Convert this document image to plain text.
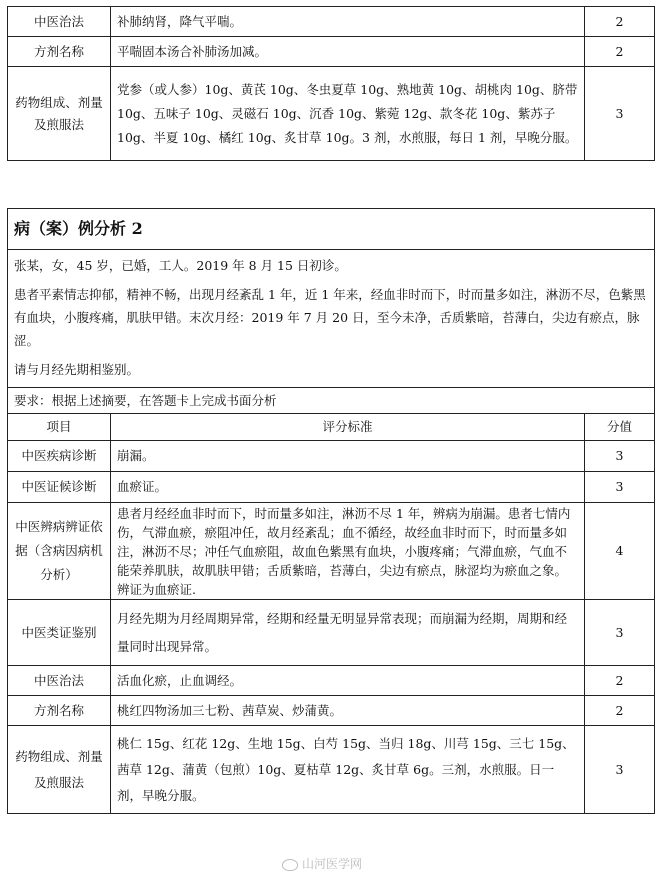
中医治法	补肺纳肾，降气平喘。	2
方剂名称	平喘固本汤合补肺汤加减。	2
药物组成、剂量及煎服法	党参（或人参）10g、黄芪 10g、冬虫夏草 10g、熟地黄 10g、胡桃肉 10g、脐带 10g、五味子 10g、灵磁石 10g、沉香 10g、紫菀 12g、款冬花 10g、紫苏子 10g、半夏 10g、橘红 10g、炙甘草 10g。3 剂，水煎服，每日 1 剂，早晚分服。	3
病（案）例分析 2		

张某，女，45 岁，已婚，工人。2019 年 8 月 15 日初诊。

患者平素情志抑郁，精神不畅，出现月经紊乱 1 年，近 1 年来，经血非时而下，时而量多如注，淋沥不尽，色紫黑有血块，小腹疼痛，肌肤甲错。末次月经：2019 年 7 月 20 日，至今未净，舌质紫暗，苔薄白，尖边有瘀点，脉涩。

请与月经先期相鉴别。		

要求：根据上述摘要，在答题卡上完成书面分析		
项目	评分标准	分值
中医疾病诊断	崩漏。	3
中医证候诊断	血瘀证。	3
中医辨病辨证依据（含病因病机分析）	患者月经经血非时而下，时而量多如注，淋沥不尽 1 年，辨病为崩漏。患者七情内伤，气滞血瘀，瘀阻冲任，故月经紊乱；血不循经，故经血非时而下，时而量多如注，淋沥不尽；冲任气血瘀阻，故血色紫黑有血块，小腹疼痛；气滞血瘀，气血不能荣养肌肤，故肌肤甲错；舌质紫暗，苔薄白，尖边有瘀点，脉涩均为瘀血之象。辨证为血瘀证.	4
中医类证鉴别	月经先期为月经周期异常，经期和经量无明显异常表现；而崩漏为经期，周期和经量同时出现异常。	3
中医治法	活血化瘀，止血调经。	2
方剂名称	桃红四物汤加三七粉、茜草炭、炒蒲黄。	2
药物组成、剂量及煎服法	桃仁 15g、红花 12g、生地 15g、白芍 15g、当归 18g、川芎 15g、三七 15g、茜草 12g、蒲黄（包煎）10g、夏枯草 12g、炙甘草 6g。三剂，水煎服。日一剂，早晚分服。	3
山河医学网
